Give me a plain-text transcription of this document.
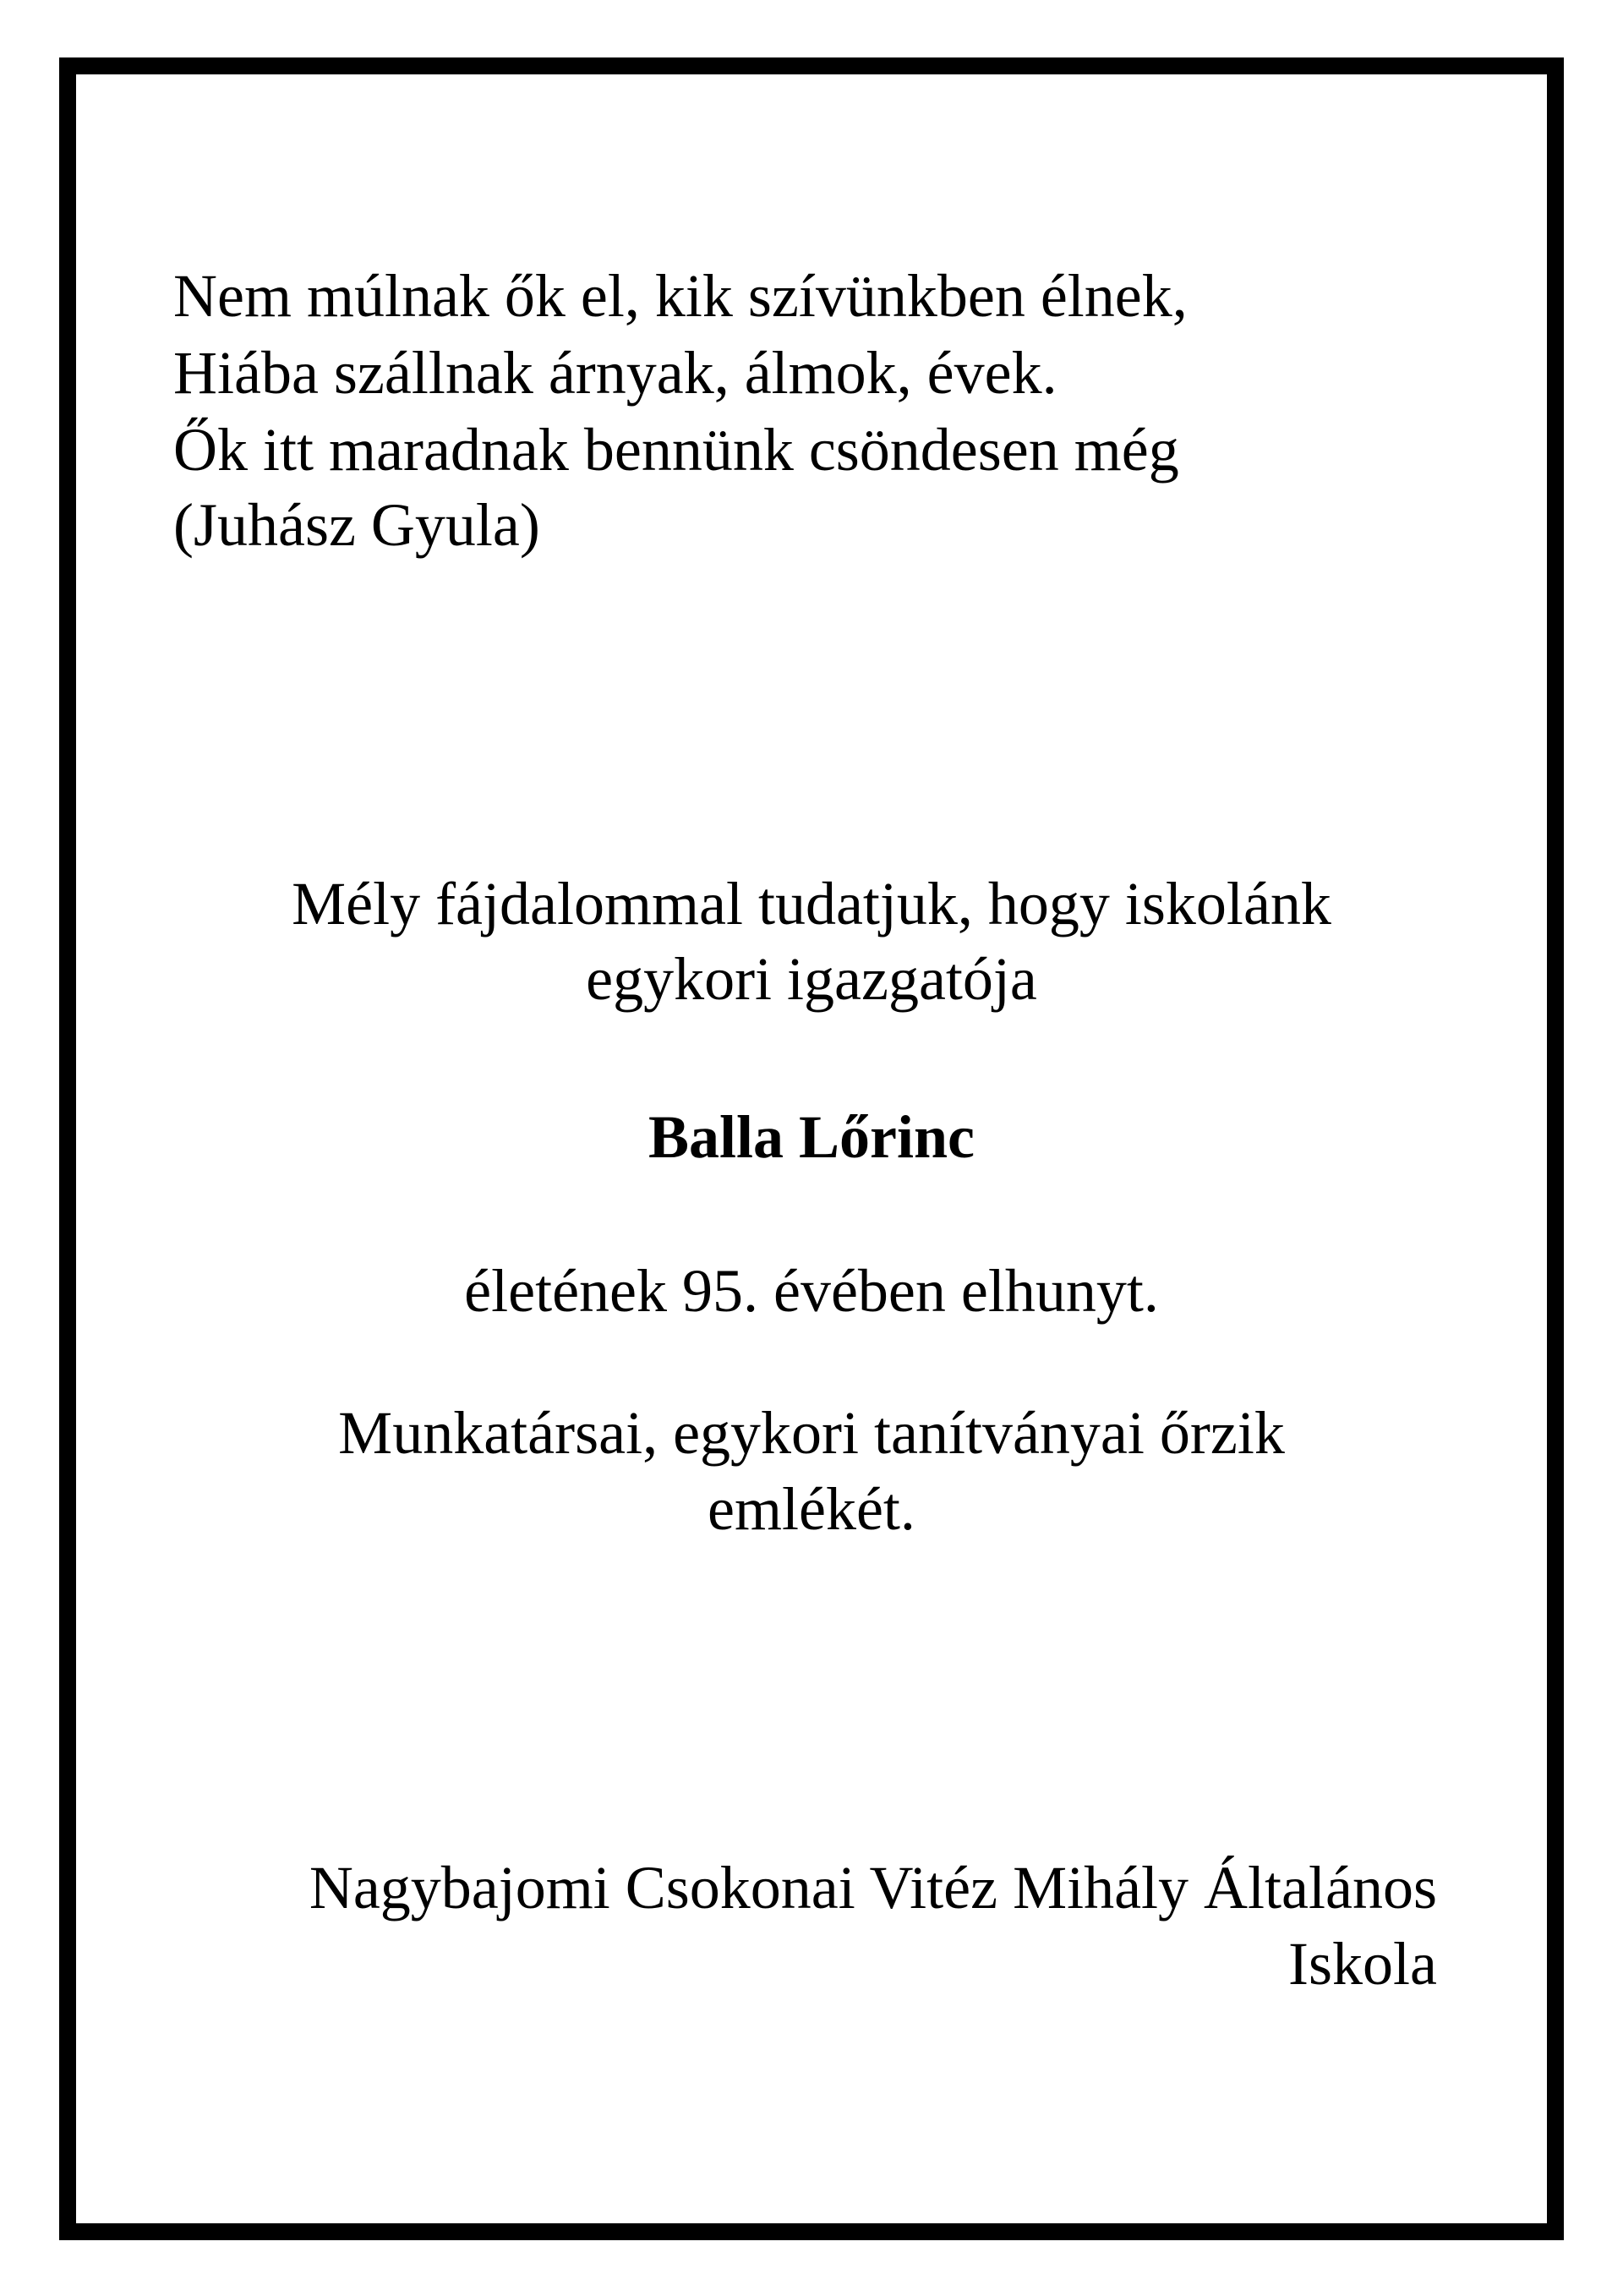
Nem múlnak ők el, kik szívünkben élnek,

Hiába szállnak árnyak, álmok, évek.

Ők itt maradnak bennünk csöndesen még

(Juhász Gyula)

Mély fájdalommal tudatjuk, hogy iskolánk

egykori igazgatója

Balla Lőrinc

életének 95. évében elhunyt.

Munkatársai, egykori tanítványai őrzik

emlékét.

Nagybajomi Csokonai Vitéz Mihály Általános

Iskola
